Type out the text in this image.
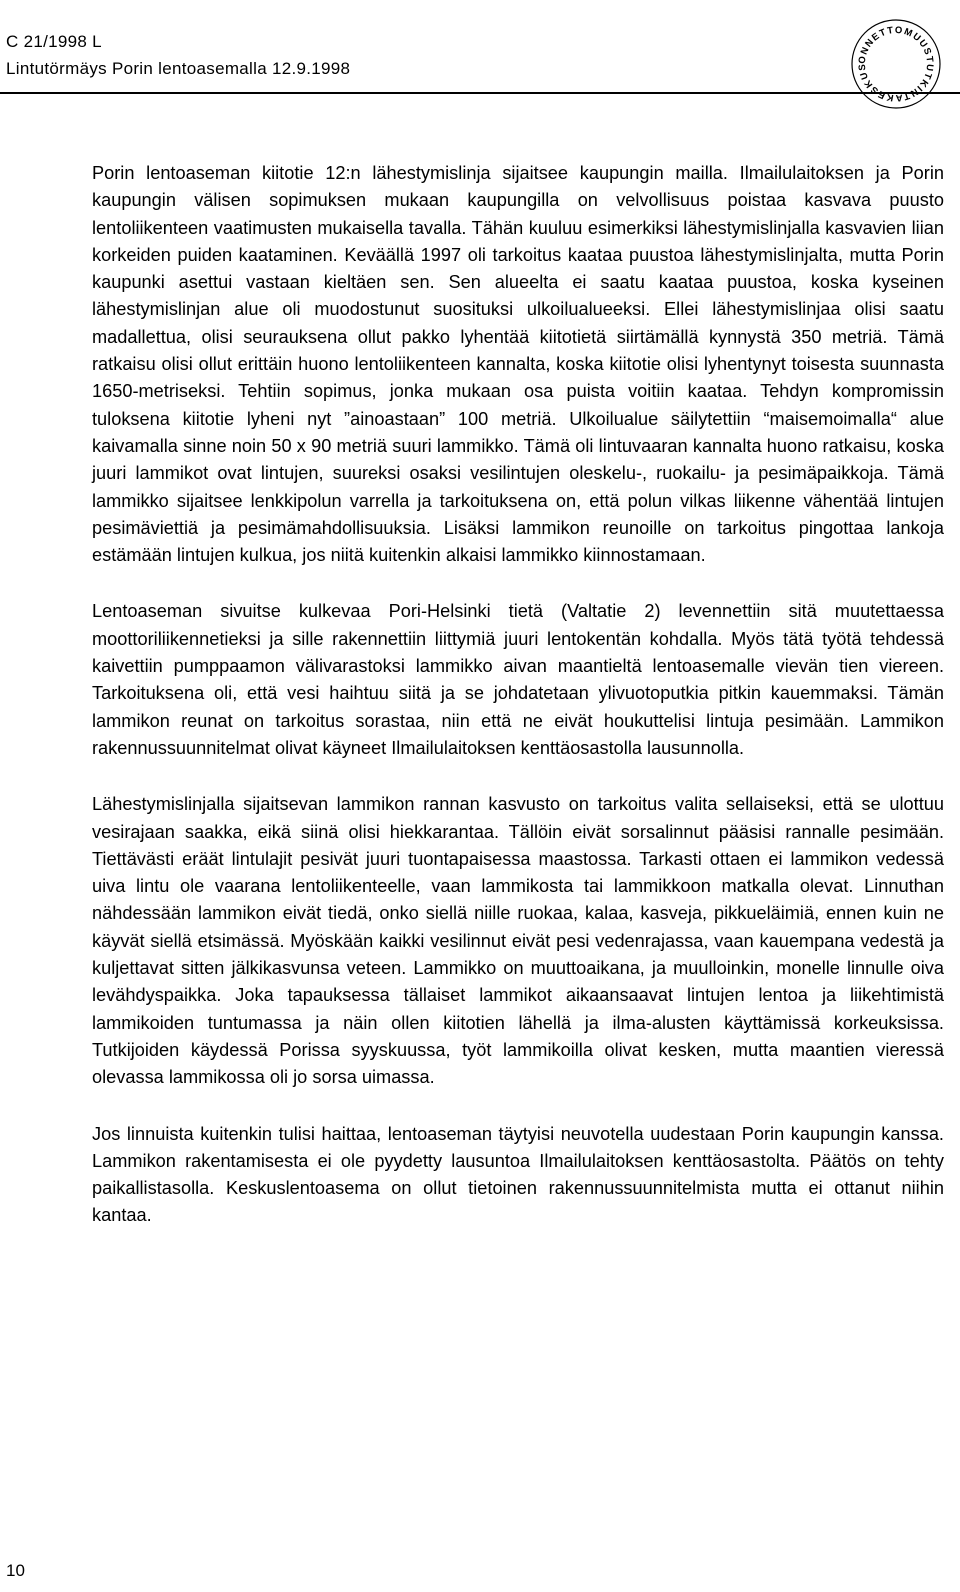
C 21/1998 L
Lintutörmäys Porin lentoasemalla 12.9.1998	ONNETTOMUUSTUTKINTAKESKUS

Porin lentoaseman kiitotie 12:n lähestymislinja sijaitsee kaupungin mailla. Ilmailulaitoksen ja Porin kaupungin välisen sopimuksen mukaan kaupungilla on velvollisuus poistaa kasvava puusto lentoliikenteen vaatimusten mukaisella tavalla. Tähän kuuluu esimerkiksi lähestymislinjalla kasvavien liian korkeiden puiden kaataminen. Keväällä 1997 oli tarkoitus kaataa puustoa lähestymislinjalta, mutta Porin kaupunki asettui vastaan kieltäen sen. Sen alueelta ei saatu kaataa puustoa, koska kyseinen lähestymislinjan alue oli muodostunut suosituksi ulkoilualueeksi. Ellei lähestymislinjaa olisi saatu madallettua, olisi seurauksena ollut pakko lyhentää kiitotietä siirtämällä kynnystä 350 metriä. Tämä ratkaisu olisi ollut erittäin huono lentoliikenteen kannalta, koska kiitotie olisi lyhentynyt toisesta suunnasta 1650-metriseksi. Tehtiin sopimus, jonka mukaan osa puista voitiin kaataa. Tehdyn kompromissin tuloksena kiitotie lyheni nyt ”ainoastaan” 100 metriä. Ulkoilualue säilytettiin “maisemoimalla“ alue kaivamalla sinne noin 50 x 90 metriä suuri lammikko. Tämä oli lintuvaaran kannalta huono ratkaisu, koska juuri lammikot ovat lintujen, suureksi osaksi vesilintujen oleskelu-, ruokailu- ja pesimäpaikkoja. Tämä lammikko sijaitsee lenkkipolun varrella ja tarkoituksena on, että polun vilkas liikenne vähentää lintujen pesimäviettiä ja pesimämahdollisuuksia. Lisäksi lammikon reunoille on tarkoitus pingottaa lankoja estämään lintujen kulkua, jos niitä kuitenkin alkaisi lammikko kiinnostamaan.

Lentoaseman sivuitse kulkevaa Pori-Helsinki tietä (Valtatie 2) levennettiin sitä muutettaessa moottoriliikennetieksi ja sille rakennettiin liittymiä juuri lentokentän kohdalla. Myös tätä työtä tehdessä kaivettiin pumppaamon välivarastoksi lammikko aivan maantieltä lentoasemalle vievän tien viereen. Tarkoituksena oli, että vesi haihtuu siitä ja se johdatetaan ylivuotoputkia pitkin kauemmaksi. Tämän lammikon reunat on tarkoitus sorastaa, niin että ne eivät houkuttelisi lintuja pesimään. Lammikon rakennussuunnitelmat olivat käyneet Ilmailulaitoksen kenttäosastolla lausunnolla.

Lähestymislinjalla sijaitsevan lammikon rannan kasvusto on tarkoitus valita sellaiseksi, että se ulottuu vesirajaan saakka, eikä siinä olisi hiekkarantaa. Tällöin eivät sorsalinnut pääsisi rannalle pesimään. Tiettävästi eräät lintulajit pesivät juuri tuontapaisessa maastossa. Tarkasti ottaen ei lammikon vedessä uiva lintu ole vaarana lentoliikenteelle, vaan lammikosta tai lammikkoon matkalla olevat. Linnuthan nähdessään lammikon eivät tiedä, onko siellä niille ruokaa, kalaa, kasveja, pikkueläimiä, ennen kuin ne käyvät siellä etsimässä. Myöskään kaikki vesilinnut eivät pesi vedenrajassa, vaan kauempana vedestä ja kuljettavat sitten jälkikasvunsa veteen. Lammikko on muuttoaikana, ja muulloinkin, monelle linnulle oiva levähdyspaikka. Joka tapauksessa tällaiset lammikot aikaansaavat lintujen lentoa ja liikehtimistä lammikoiden tuntumassa ja näin ollen kiitotien lähellä ja ilma-alusten käyttämissä korkeuksissa. Tutkijoiden käydessä Porissa syyskuussa, työt lammikoilla olivat kesken, mutta maantien vieressä olevassa lammikossa oli jo sorsa uimassa.

Jos linnuista kuitenkin tulisi haittaa, lentoaseman täytyisi neuvotella uudestaan Porin kaupungin kanssa. Lammikon rakentamisesta ei ole pyydetty lausuntoa Ilmailulaitoksen kenttäosastolta. Päätös on tehty paikallistasolla. Keskuslentoasema on ollut tietoinen rakennussuunnitelmista mutta ei ottanut niihin kantaa.

10
